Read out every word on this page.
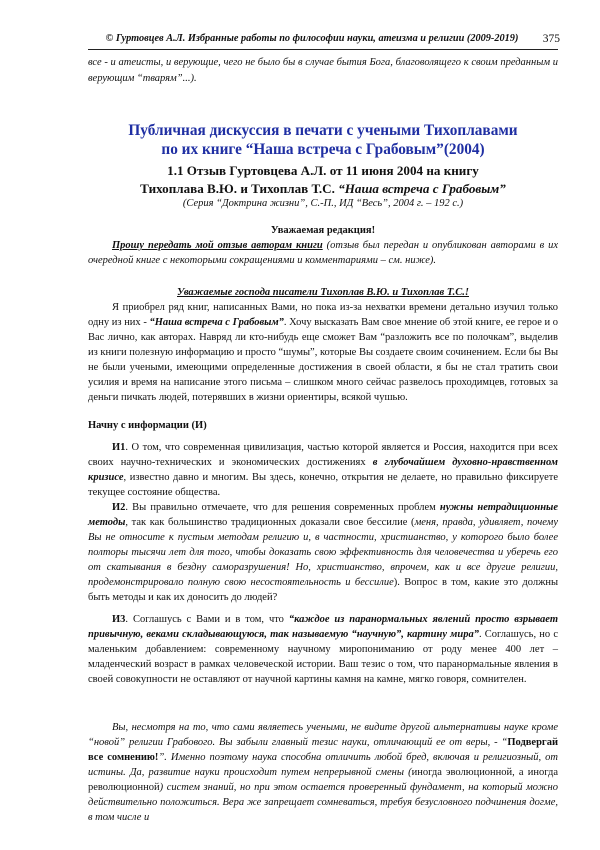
© Гуртовцев А.Л. Избранные работы по философии науки, атеизма и религии (2009-2019)	375

все - и атеисты, и верующие, чего не было бы в случае бытия Бога, благоволящего к своим преданным и верующим “тварям”...).

Публичная дискуссия в печати с учеными Тихоплавами
по их книге “Наша встреча с Грабовым”(2004)
1.1 Отзыв Гуртовцева А.Л. от 11 июня 2004 на книгу
Тихоплава В.Ю. и Тихоплав Т.С. “Наша встреча с Грабовым”
(Серия “Доктрина жизни”, С.-П., ИД “Весь”, 2004 г. – 192 с.)
Уважаемая редакция!

Прошу передать мой отзыв авторам книги (отзыв был передан и опубликован авторами в их очередной книге с некоторыми сокращениями и комментариями – см. ниже).

Уважаемые господа писатели Тихоплав В.Ю. и Тихоплав Т.С.!

Я приобрел ряд книг, написанных Вами, но пока из-за нехватки времени детально изучил только одну из них - “Наша встреча с Грабовым”. Хочу высказать Вам свое мнение об этой книге, ее герое и о Вас лично, как авторах. Навряд ли кто-нибудь еще сможет Вам “разложить все по полочкам”, выделив из книги полезную информацию и просто “шумы”, которые Вы создаете своим сочинением. Если бы Вы не были учеными, имеющими определенные достижения в своей области, я бы не стал тратить свои усилия и время на написание этого письма – слишком много сейчас развелось проходимцев, готовых за деньги пичкать людей, потерявших в жизни ориентиры, всякой чушью.

Начну с информации (И)

И1. О том, что современная цивилизация, частью которой является и Россия, находится при всех своих научно-технических и экономических достижениях в глубочайшем духовно-нравственном кризисе, известно давно и многим. Вы здесь, конечно, открытия не делаете, но правильно фиксируете текущее состояние общества.

И2. Вы правильно отмечаете, что для решения современных проблем нужны нетрадиционные методы, так как большинство традиционных доказали свое бессилие (меня, правда, удивляет, почему Вы не относите к пустым методам религию и, в частности, христианство, у которого было более полторы тысячи лет для того, чтобы доказать свою эффективность для человечества и уберечь его от скатывания в бездну саморазрушения! Но, христианство, впрочем, как и все другие религии, продемонстрировало полную свою несостоятельность и бессилие). Вопрос в том, какие это должны быть методы и как их доносить до людей?

И3. Соглашусь с Вами и в том, что “каждое из паранормальных явлений просто взрывает привычную, веками складывающуюся, так называемую “научную”, картину мира”. Соглашусь, но с маленьким добавлением: современному научному миропониманию от роду менее 400 лет – младенческий возраст в рамках человеческой истории. Ваш тезис о том, что паранормальные явления в своей совокупности не оставляют от научной картины камня на камне, мягко говоря, сомнителен.

Вы, несмотря на то, что сами являетесь учеными, не видите другой альтернативы науке кроме “новой” религии Грабового. Вы забыли главный тезис науки, отличающий ее от веры, - “Подвергай все сомнению!”. Именно поэтому наука способна отличить любой бред, включая и религиозный, от истины. Да, развитие науки происходит путем непрерывной смены (иногда эволюционной, а иногда революционной) систем знаний, но при этом остается проверенный фундамент, на который можно действительно положиться. Вера же запрещает сомневаться, требуя безусловного подчинения догме, в том числе и
